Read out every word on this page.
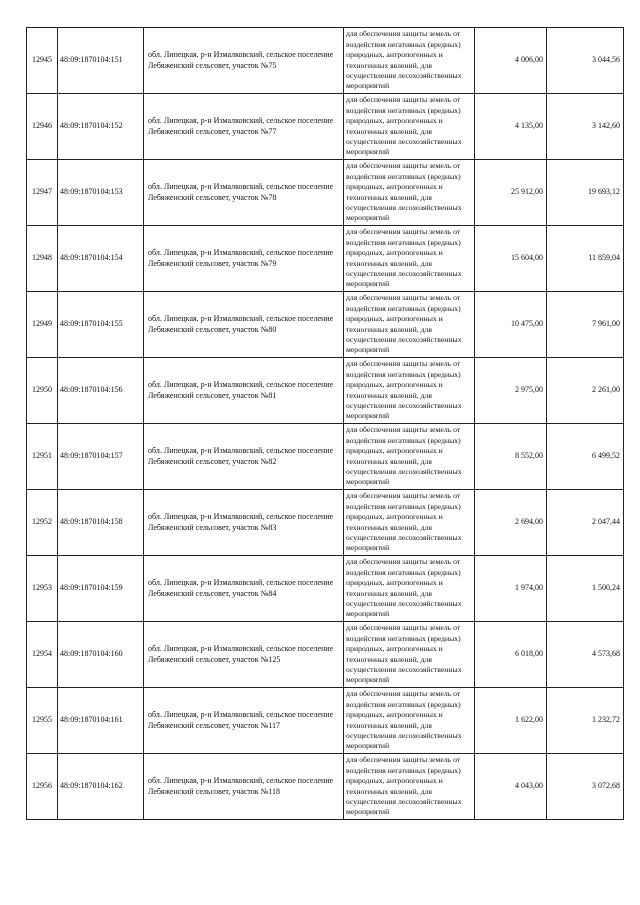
12945	48:09:1870104:151	обл. Липецкая, р-н Измалковский, сельское поселение Лебяженский сельсовет, участок №75	для обеспечения защиты земель от воздействия негативных (вредных) природных, антропогенных и техногенных явлений, для осуществления лесохозяйственных мероприятий	4 006,00	3 044,56
12946	48:09:1870104:152	обл. Липецкая, р-н Измалковский, сельское поселение Лебяженский сельсовет, участок №77	для обеспечения защиты земель от воздействия негативных (вредных) природных, антропогенных и техногенных явлений, для осуществления лесохозяйственных мероприятий	4 135,00	3 142,60
12947	48:09:1870104:153	обл. Липецкая, р-н Измалковский, сельское поселение Лебяженский сельсовет, участок №78	для обеспечения защиты земель от воздействия негативных (вредных) природных, антропогенных и техногенных явлений, для осуществления лесохозяйственных мероприятий	25 912,00	19 693,12
12948	48:09:1870104:154	обл. Липецкая, р-н Измалковский, сельское поселение Лебяженский сельсовет, участок №79	для обеспечения защиты земель от воздействия негативных (вредных) природных, антропогенных и техногенных явлений, для осуществления лесохозяйственных мероприятий	15 604,00	11 859,04
12949	48:09:1870104:155	обл. Липецкая, р-н Измалковский, сельское поселение Лебяженский сельсовет, участок №80	для обеспечения защиты земель от воздействия негативных (вредных) природных, антропогенных и техногенных явлений, для осуществления лесохозяйственных мероприятий	10 475,00	7 961,00
12950	48:09:1870104:156	обл. Липецкая, р-н Измалковский, сельское поселение Лебяженский сельсовет, участок №81	для обеспечения защиты земель от воздействия негативных (вредных) природных, антропогенных и техногенных явлений, для осуществления лесохозяйственных мероприятий	2 975,00	2 261,00
12951	48:09:1870104:157	обл. Липецкая, р-н Измалковский, сельское поселение Лебяженский сельсовет, участок №82	для обеспечения защиты земель от воздействия негативных (вредных) природных, антропогенных и техногенных явлений, для осуществления лесохозяйственных мероприятий	8 552,00	6 499,52
12952	48:09:1870104:158	обл. Липецкая, р-н Измалковский, сельское поселение Лебяженский сельсовет, участок №83	для обеспечения защиты земель от воздействия негативных (вредных) природных, антропогенных и техногенных явлений, для осуществления лесохозяйственных мероприятий	2 694,00	2 047,44
12953	48:09:1870104:159	обл. Липецкая, р-н Измалковский, сельское поселение Лебяженский сельсовет, участок №84	для обеспечения защиты земель от воздействия негативных (вредных) природных, антропогенных и техногенных явлений, для осуществления лесохозяйственных мероприятий	1 974,00	1 500,24
12954	48:09:1870104:160	обл. Липецкая, р-н Измалковский, сельское поселение Лебяженский сельсовет, участок №125	для обеспечения защиты земель от воздействия негативных (вредных) природных, антропогенных и техногенных явлений, для осуществления лесохозяйственных мероприятий	6 018,00	4 573,68
12955	48:09:1870104:161	обл. Липецкая, р-н Измалковский, сельское поселение Лебяженский сельсовет, участок №117	для обеспечения защиты земель от воздействия негативных (вредных) природных, антропогенных и техногенных явлений, для осуществления лесохозяйственных мероприятий	1 622,00	1 232,72
12956	48:09:1870104:162	обл. Липецкая, р-н Измалковский, сельское поселение Лебяженский сельсовет, участок №118	для обеспечения защиты земель от воздействия негативных (вредных) природных, антропогенных и техногенных явлений, для осуществления лесохозяйственных мероприятий	4 043,00	3 072,68
